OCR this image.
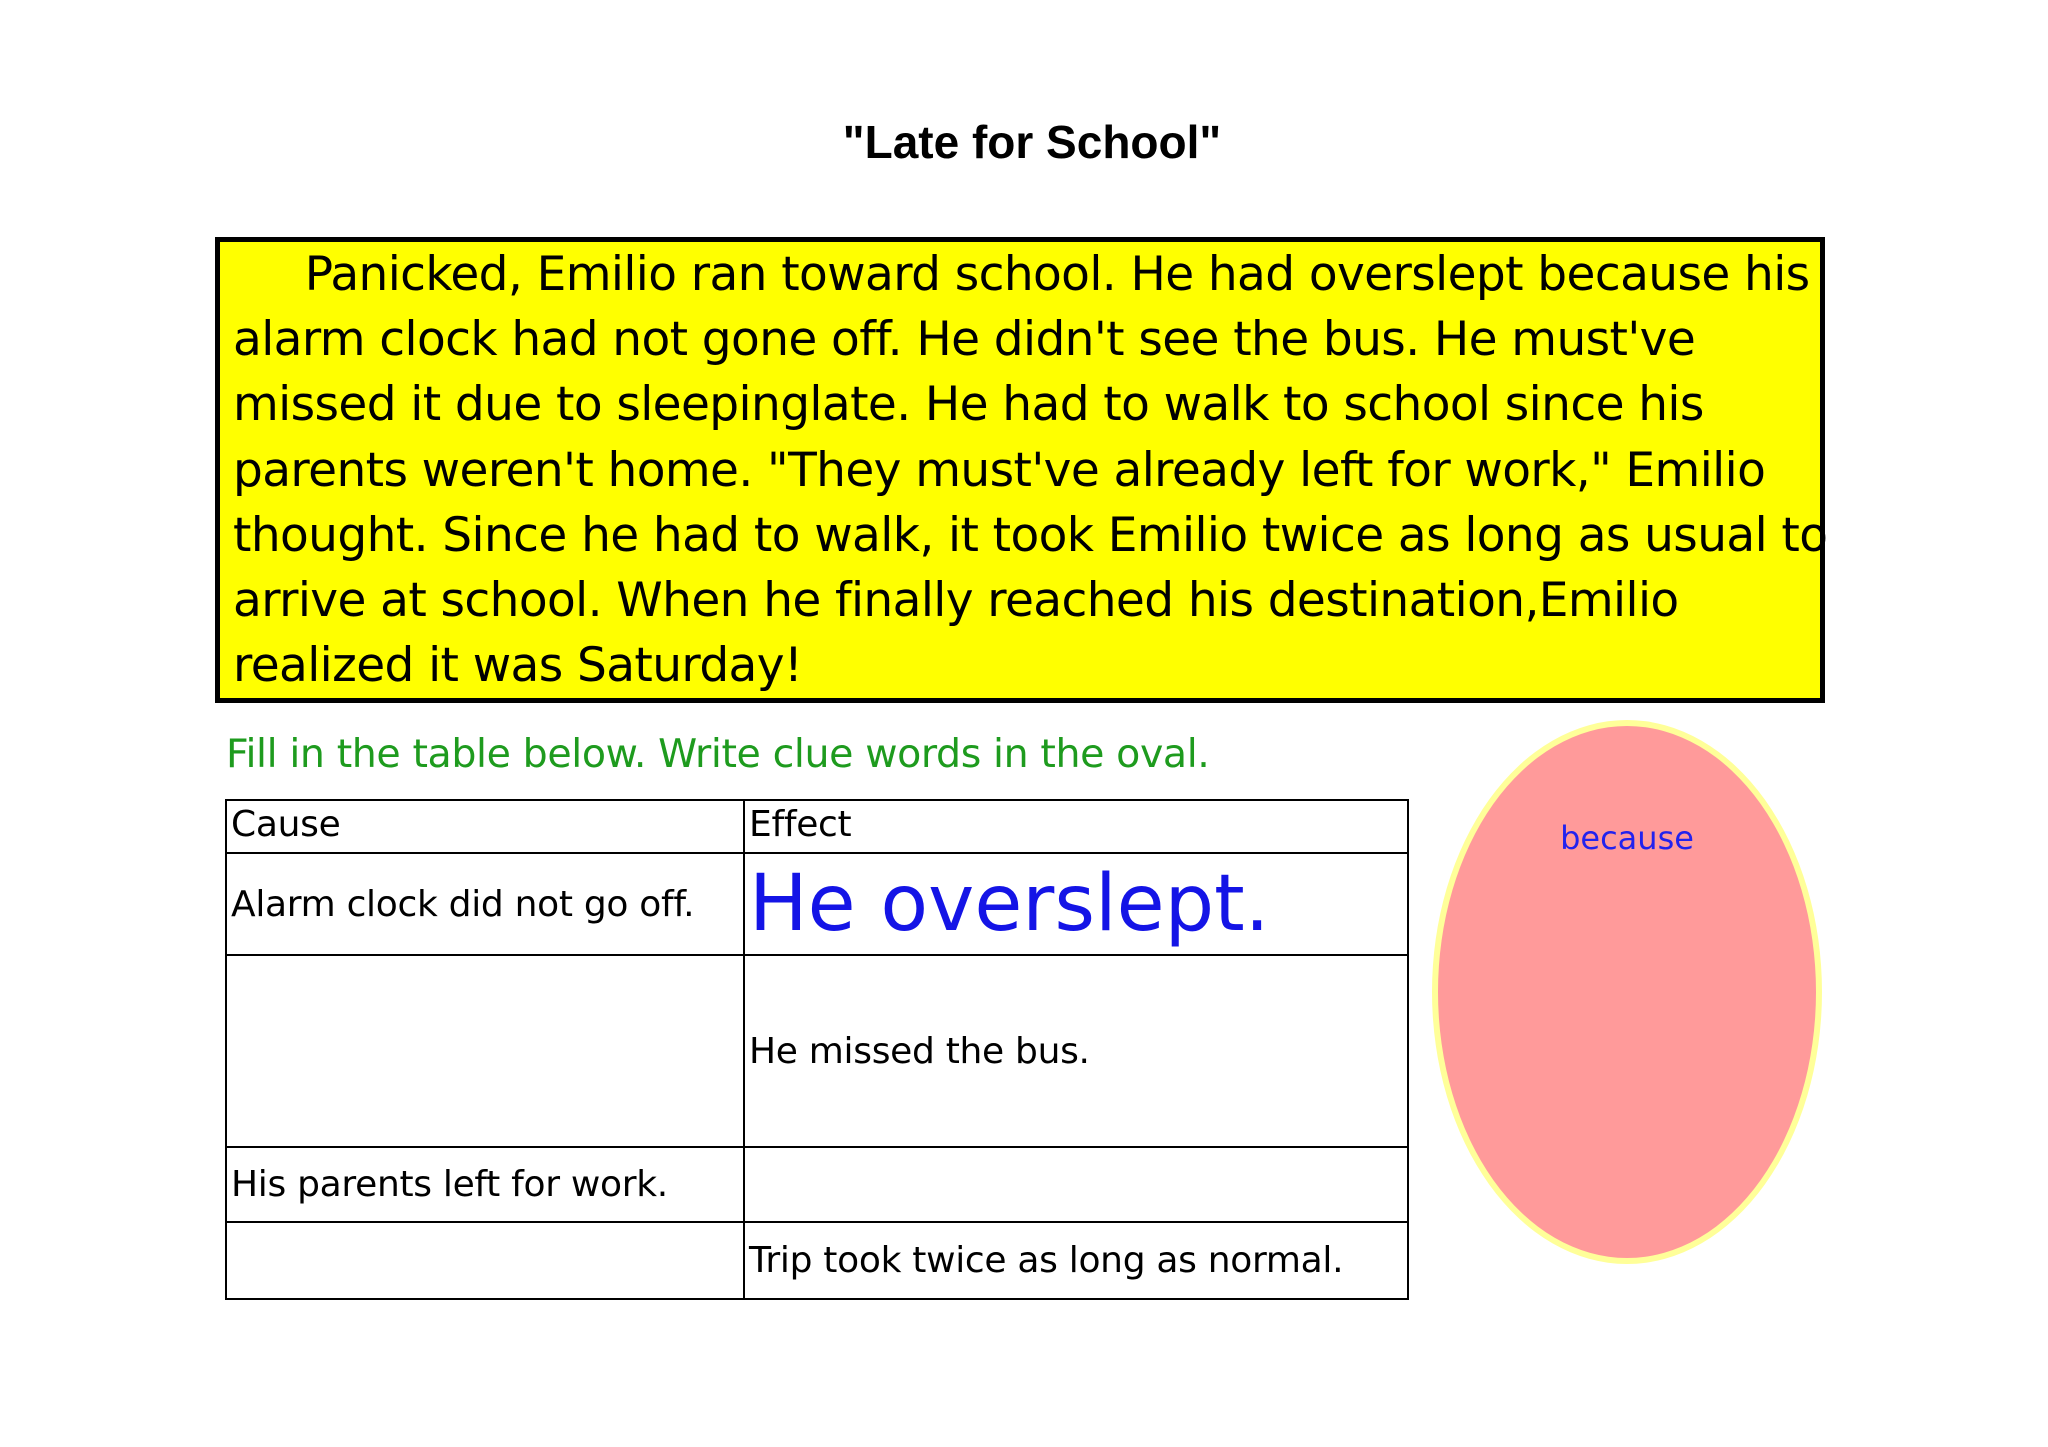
"Late for School"
Panicked, Emilio ran toward school. He had overslept because his
alarm clock had not gone off. He didn't see the bus. He must've
missed it due to sleepinglate. He had to walk to school since his
parents weren't home. "They must've already left for work," Emilio
thought. Since he had to walk, it took Emilio twice as long as usual to
arrive at school. When he finally reached his destination,Emilio
realized it was Saturday!

Fill in the table below. Write clue words in the oval.

Cause	Effect
Alarm clock did not go off.	He overslept.
	He missed the bus.
His parents left for work.	
	Trip took twice as long as normal.
because
